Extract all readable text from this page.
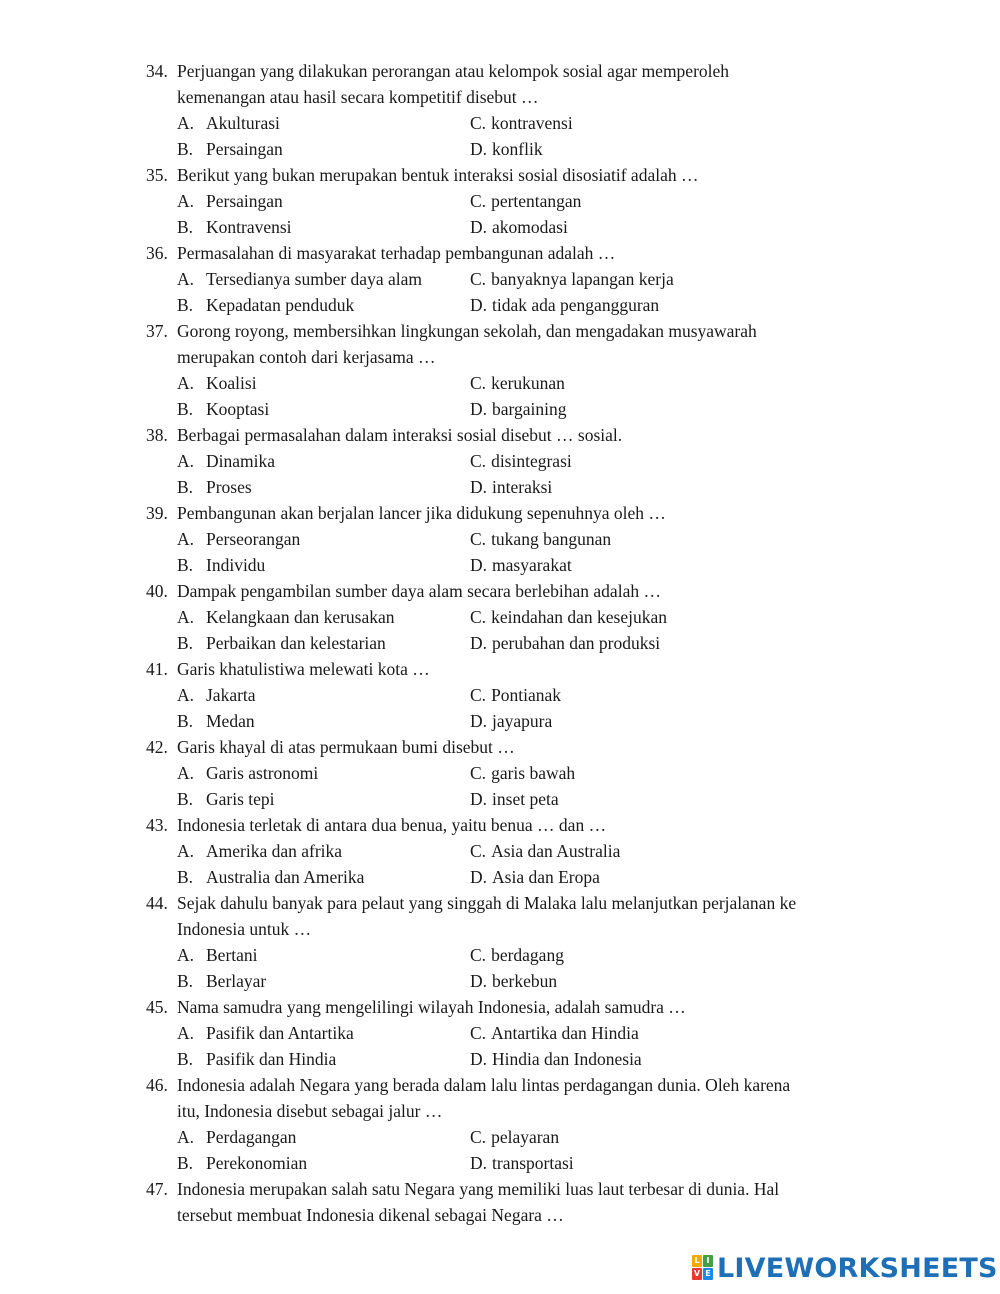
34. Perjuangan yang dilakukan perorangan atau kelompok sosial agar memperoleh
kemenangan atau hasil secara kompetitif disebut …
A. Akulturasi	C. kontravensi
B. Persaingan	D. konflik
35. Berikut yang bukan merupakan bentuk interaksi sosial disosiatif adalah …
A. Persaingan	C. pertentangan
B. Kontravensi	D. akomodasi
36. Permasalahan di masyarakat terhadap pembangunan adalah …
A. Tersedianya sumber daya alam	C. banyaknya lapangan kerja
B. Kepadatan penduduk	D. tidak ada pengangguran
37. Gorong royong, membersihkan lingkungan sekolah, dan mengadakan musyawarah
merupakan contoh dari kerjasama …
A. Koalisi	C. kerukunan
B. Kooptasi	D. bargaining
38. Berbagai permasalahan dalam interaksi sosial disebut … sosial.
A. Dinamika	C. disintegrasi
B. Proses	D. interaksi
39. Pembangunan akan berjalan lancer jika didukung sepenuhnya oleh …
A. Perseorangan	C. tukang bangunan
B. Individu	D. masyarakat
40. Dampak pengambilan sumber daya alam secara berlebihan adalah …
A. Kelangkaan dan kerusakan	C. keindahan dan kesejukan
B. Perbaikan dan kelestarian	D. perubahan dan produksi
41. Garis khatulistiwa melewati kota …
A. Jakarta	C. Pontianak
B. Medan	D. jayapura
42. Garis khayal di atas permukaan bumi disebut …
A. Garis astronomi	C. garis bawah
B. Garis tepi	D. inset peta
43. Indonesia terletak di antara dua benua, yaitu benua … dan …
A. Amerika dan afrika	C. Asia dan Australia
B. Australia dan Amerika	D. Asia dan Eropa
44. Sejak dahulu banyak para pelaut yang singgah di Malaka lalu melanjutkan perjalanan ke
Indonesia untuk …
A. Bertani	C. berdagang
B. Berlayar	D. berkebun
45. Nama samudra yang mengelilingi wilayah Indonesia, adalah samudra …
A. Pasifik dan Antartika	C. Antartika dan Hindia
B. Pasifik dan Hindia	D. Hindia dan Indonesia
46. Indonesia adalah Negara yang berada dalam lalu lintas perdagangan dunia. Oleh karena
itu, Indonesia disebut sebagai jalur …
A. Perdagangan	C. pelayaran
B. Perekonomian	D. transportasi
47. Indonesia merupakan salah satu Negara yang memiliki luas laut terbesar di dunia. Hal
tersebut membuat Indonesia dikenal sebagai Negara …
L I
V E LIVEWORKSHEETS
